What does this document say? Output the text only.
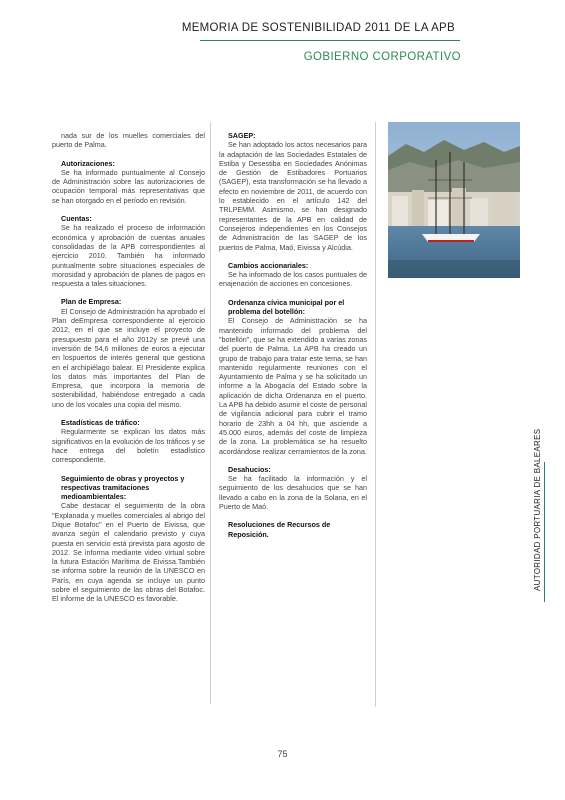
MEMORIA DE SOSTENIBILIDAD 2011 DE LA APB
GOBIERNO CORPORATIVO

nada sur de los muelles comerciales del puerto de Palma.

Autorizaciones:

Se ha informado puntualmente al Consejo de Administración sobre las autorizaciones de ocupación temporal más representativas que se han otorgado en el período en revisión.

Cuentas:

Se ha realizado el proceso de información económica y aprobación de cuentas anuales consolidadas de la APB correspondientes al ejercicio 2010. También ha informado puntualmente sobre situaciones especiales de morosidad y aprobación de planes de pagos en respuesta a tales situaciones.

Plan de Empresa:

El Consejo de Administración ha aprobado el Plan deEmpresa correspondiente al ejercicio 2012, en el que se incluye el proyecto de presupuesto para el año 2012y se prevé una inversión de 54,6 millones de euros a ejecutar en lospuertos de interés general que gestiona en el archipiélago balear. El Presidente explica los datos más importantes del Plan de Empresa, que incorpora la memoria de sostenibilidad, habiéndose entregado a cada uno de los vocales una copia del mismo.

Estadísticas de tráfico:

Regularmente se explican los datos más significativos en la evolución de los tráficos y se hace entrega del boletín estadístico correspondiente.

Seguimiento de obras y proyectos y respectivas tramitaciones medioambientales:

Cabe destacar el seguimiento de la obra "Explanada y muelles comerciales al abrigo del Dique Botafoc" en el Puerto de Eivissa, que avanza según el calendario previsto y cuya puesta en servicio está prevista para agosto de 2012. Se informa mediante video virtual sobre la futura Estación Marítima de Eivissa.También se informa sobre la reunión de la UNESCO en París, en cuya agenda se incluye un punto sobre el seguimiento de las obras del Botafoc. El informe de la UNESCO es favorable.

SAGEP:

Se han adoptado los actos necesarios para la adaptación de las Sociedades Estatales de Estiba y Desestiba en Sociedades Anónimas de Gestión de Estibadores Portuarios (SAGEP), esta transformación se ha llevado a efecto en noviembre de 2011, de acuerdo con lo establecido en el artículo 142 del TRLPEMM. Asimismo, se han designado representantes de la APB en calidad de Consejeros independientes en los Consejos de Administración de las SAGEP de los puertos de Palma, Maó, Eivissa y Alcúdia.

Cambios accionariales:

Se ha informado de los casos puntuales de enajenación de acciones en concesiones.

Ordenanza cívica municipal por el problema del botellón:

El Consejo de Administración se ha mantenido informado del problema del "botellón", que se ha extendido a varias zonas del puerto de Palma. La APB ha creado un grupo de trabajo para tratar este tema, se han mantenido regularmente reuniones con el Ayuntamiento de Palma y se ha solicitado un informe a la Abogacía del Estado sobre la aplicación de dicha Ordenanza en el puerto. La APB ha debido asumir el coste de personal de vigilancia adicional para cubrir el tramo horario de 23hh a 04 hh, que asciende a 45.000 euros, además del coste de limpieza de la zona. La problemática se ha resuelto acordándose realizar cerramientos de la zona.

Desahucios:

Se ha facilitado la información y el seguimiento de los desahucios que se han llevado a cabo en la zona de la Solana, en el Puerto de Maó.

Resoluciones de Recursos de Reposición.	AUTORIDAD PORTUARIA DE BALEARES
75
